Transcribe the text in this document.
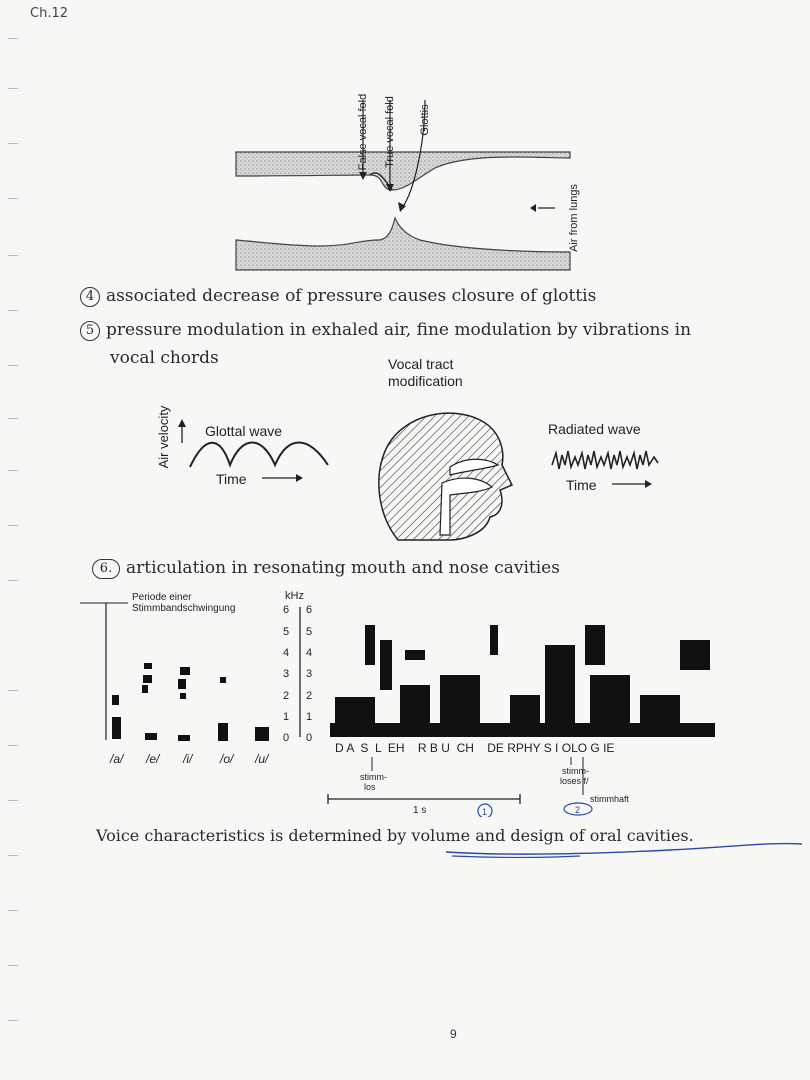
Ch.12
False vocal fold True vocal fold Glottis
Air from lungs
4 associated decrease of pressure causes closure of glottis
5 pressure modulation in exhaled air, fine modulation by vibrations in
vocal chords	Vocal tract
modification
Air velocity Glottal wave
Time
Radiated wave
Time
6. articulation in resonating mouth and nose cavities
Periode einer
Stimmbandschwingung
kHz
6
5
4
3
2
1
0
6
5
4
3
2
1
0
/a/ /e/ /i/ /o/ /u/
D A  S  L  EH    R B U  CH    DE RPHY S I OLO G IE
stimm-
los
stimm-
loses f/
stimmhaft
1 s	1	2
Voice characteristics is determined by volume and design of oral cavities.
9
